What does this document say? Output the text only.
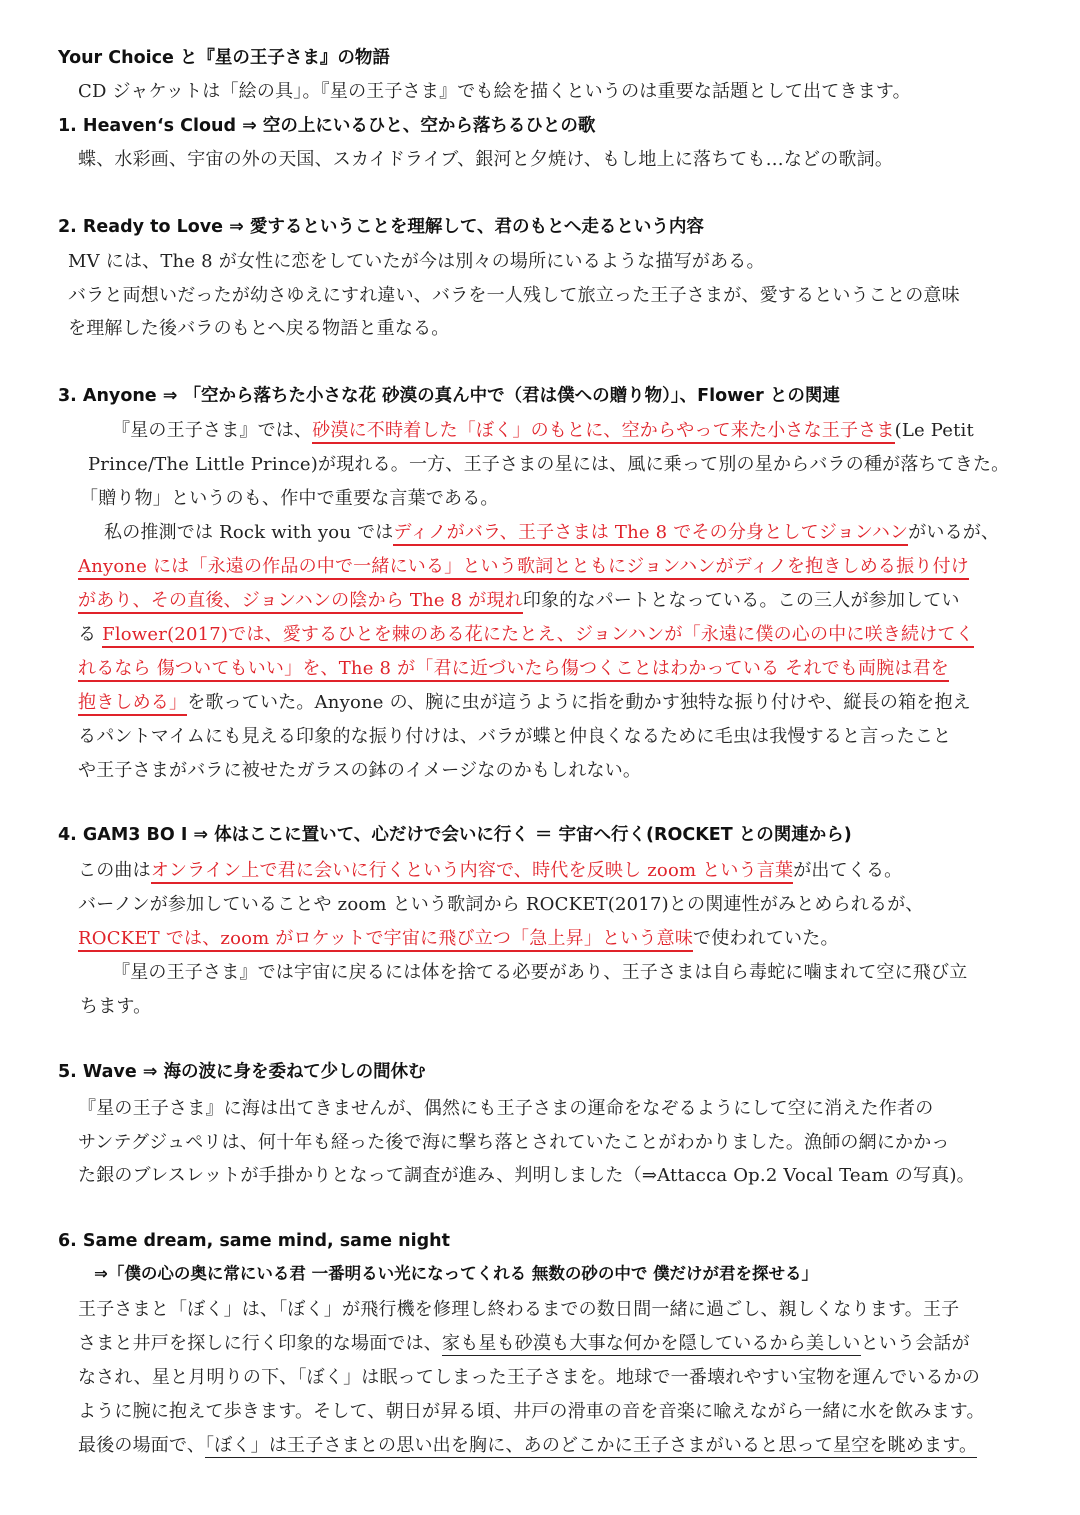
Your Choice と『星の王子さま』の物語
CD ジャケットは「絵の具」。『星の王子さま』でも絵を描くというのは重要な話題として出てきます。
1. Heaven‘s Cloud ⇒ 空の上にいるひと、空から落ちるひとの歌
蝶、水彩画、宇宙の外の天国、スカイドライブ、銀河と夕焼け、もし地上に落ちても…などの歌詞。
2. Ready to Love ⇒ 愛するということを理解して、君のもとへ走るという内容
MV には、The 8 が女性に恋をしていたが今は別々の場所にいるような描写がある。
バラと両想いだったが幼さゆえにすれ違い、バラを一人残して旅立った王子さまが、愛するということの意味
を理解した後バラのもとへ戻る物語と重なる。
3. Anyone ⇒ 「空から落ちた小さな花 砂漠の真ん中で（君は僕への贈り物）」、Flower との関連
『星の王子さま』では、砂漠に不時着した「ぼく」のもとに、空からやって来た小さな王子さま(Le Petit
Prince/The Little Prince)が現れる。一方、王子さまの星には、風に乗って別の星からバラの種が落ちてきた。
「贈り物」というのも、作中で重要な言葉である。
私の推測では Rock with you ではディノがバラ、王子さまは The 8 でその分身としてジョンハンがいるが、
Anyone には「永遠の作品の中で一緒にいる」という歌詞とともにジョンハンがディノを抱きしめる振り付け
があり、その直後、ジョンハンの陰から The 8 が現れ印象的なパートとなっている。この三人が参加してい
る Flower(2017)では、愛するひとを棘のある花にたとえ、ジョンハンが「永遠に僕の心の中に咲き続けてく
れるなら 傷ついてもいい」を、The 8 が「君に近づいたら傷つくことはわかっている それでも両腕は君を
抱きしめる」を歌っていた。Anyone の、腕に虫が這うように指を動かす独特な振り付けや、縦長の箱を抱え
るパントマイムにも見える印象的な振り付けは、バラが蝶と仲良くなるために毛虫は我慢すると言ったこと
や王子さまがバラに被せたガラスの鉢のイメージなのかもしれない。
4. GAM3 BO I ⇒ 体はここに置いて、心だけで会いに行く ＝ 宇宙へ行く(ROCKET との関連から)
この曲はオンライン上で君に会いに行くという内容で、時代を反映し zoom という言葉が出てくる。
バーノンが参加していることや zoom という歌詞から ROCKET(2017)との関連性がみとめられるが、
ROCKET では、zoom がロケットで宇宙に飛び立つ「急上昇」という意味で使われていた。
『星の王子さま』では宇宙に戻るには体を捨てる必要があり、王子さまは自ら毒蛇に噛まれて空に飛び立
ちます。
5. Wave ⇒ 海の波に身を委ねて少しの間休む
『星の王子さま』に海は出てきませんが、偶然にも王子さまの運命をなぞるようにして空に消えた作者の
サンテグジュペリは、何十年も経った後で海に撃ち落とされていたことがわかりました。漁師の網にかかっ
た銀のブレスレットが手掛かりとなって調査が進み、判明しました（⇒Attacca Op.2 Vocal Team の写真)。
6. Same dream, same mind, same night
⇒「僕の心の奥に常にいる君 一番明るい光になってくれる 無数の砂の中で 僕だけが君を探せる」
王子さまと「ぼく」は、「ぼく」が飛行機を修理し終わるまでの数日間一緒に過ごし、親しくなります。王子
さまと井戸を探しに行く印象的な場面では、家も星も砂漠も大事な何かを隠しているから美しいという会話が
なされ、星と月明りの下、「ぼく」は眠ってしまった王子さまを。地球で一番壊れやすい宝物を運んでいるかの
ように腕に抱えて歩きます。そして、朝日が昇る頃、井戸の滑車の音を音楽に喩えながら一緒に水を飲みます。
最後の場面で、「ぼく」は王子さまとの思い出を胸に、あのどこかに王子さまがいると思って星空を眺めます。
